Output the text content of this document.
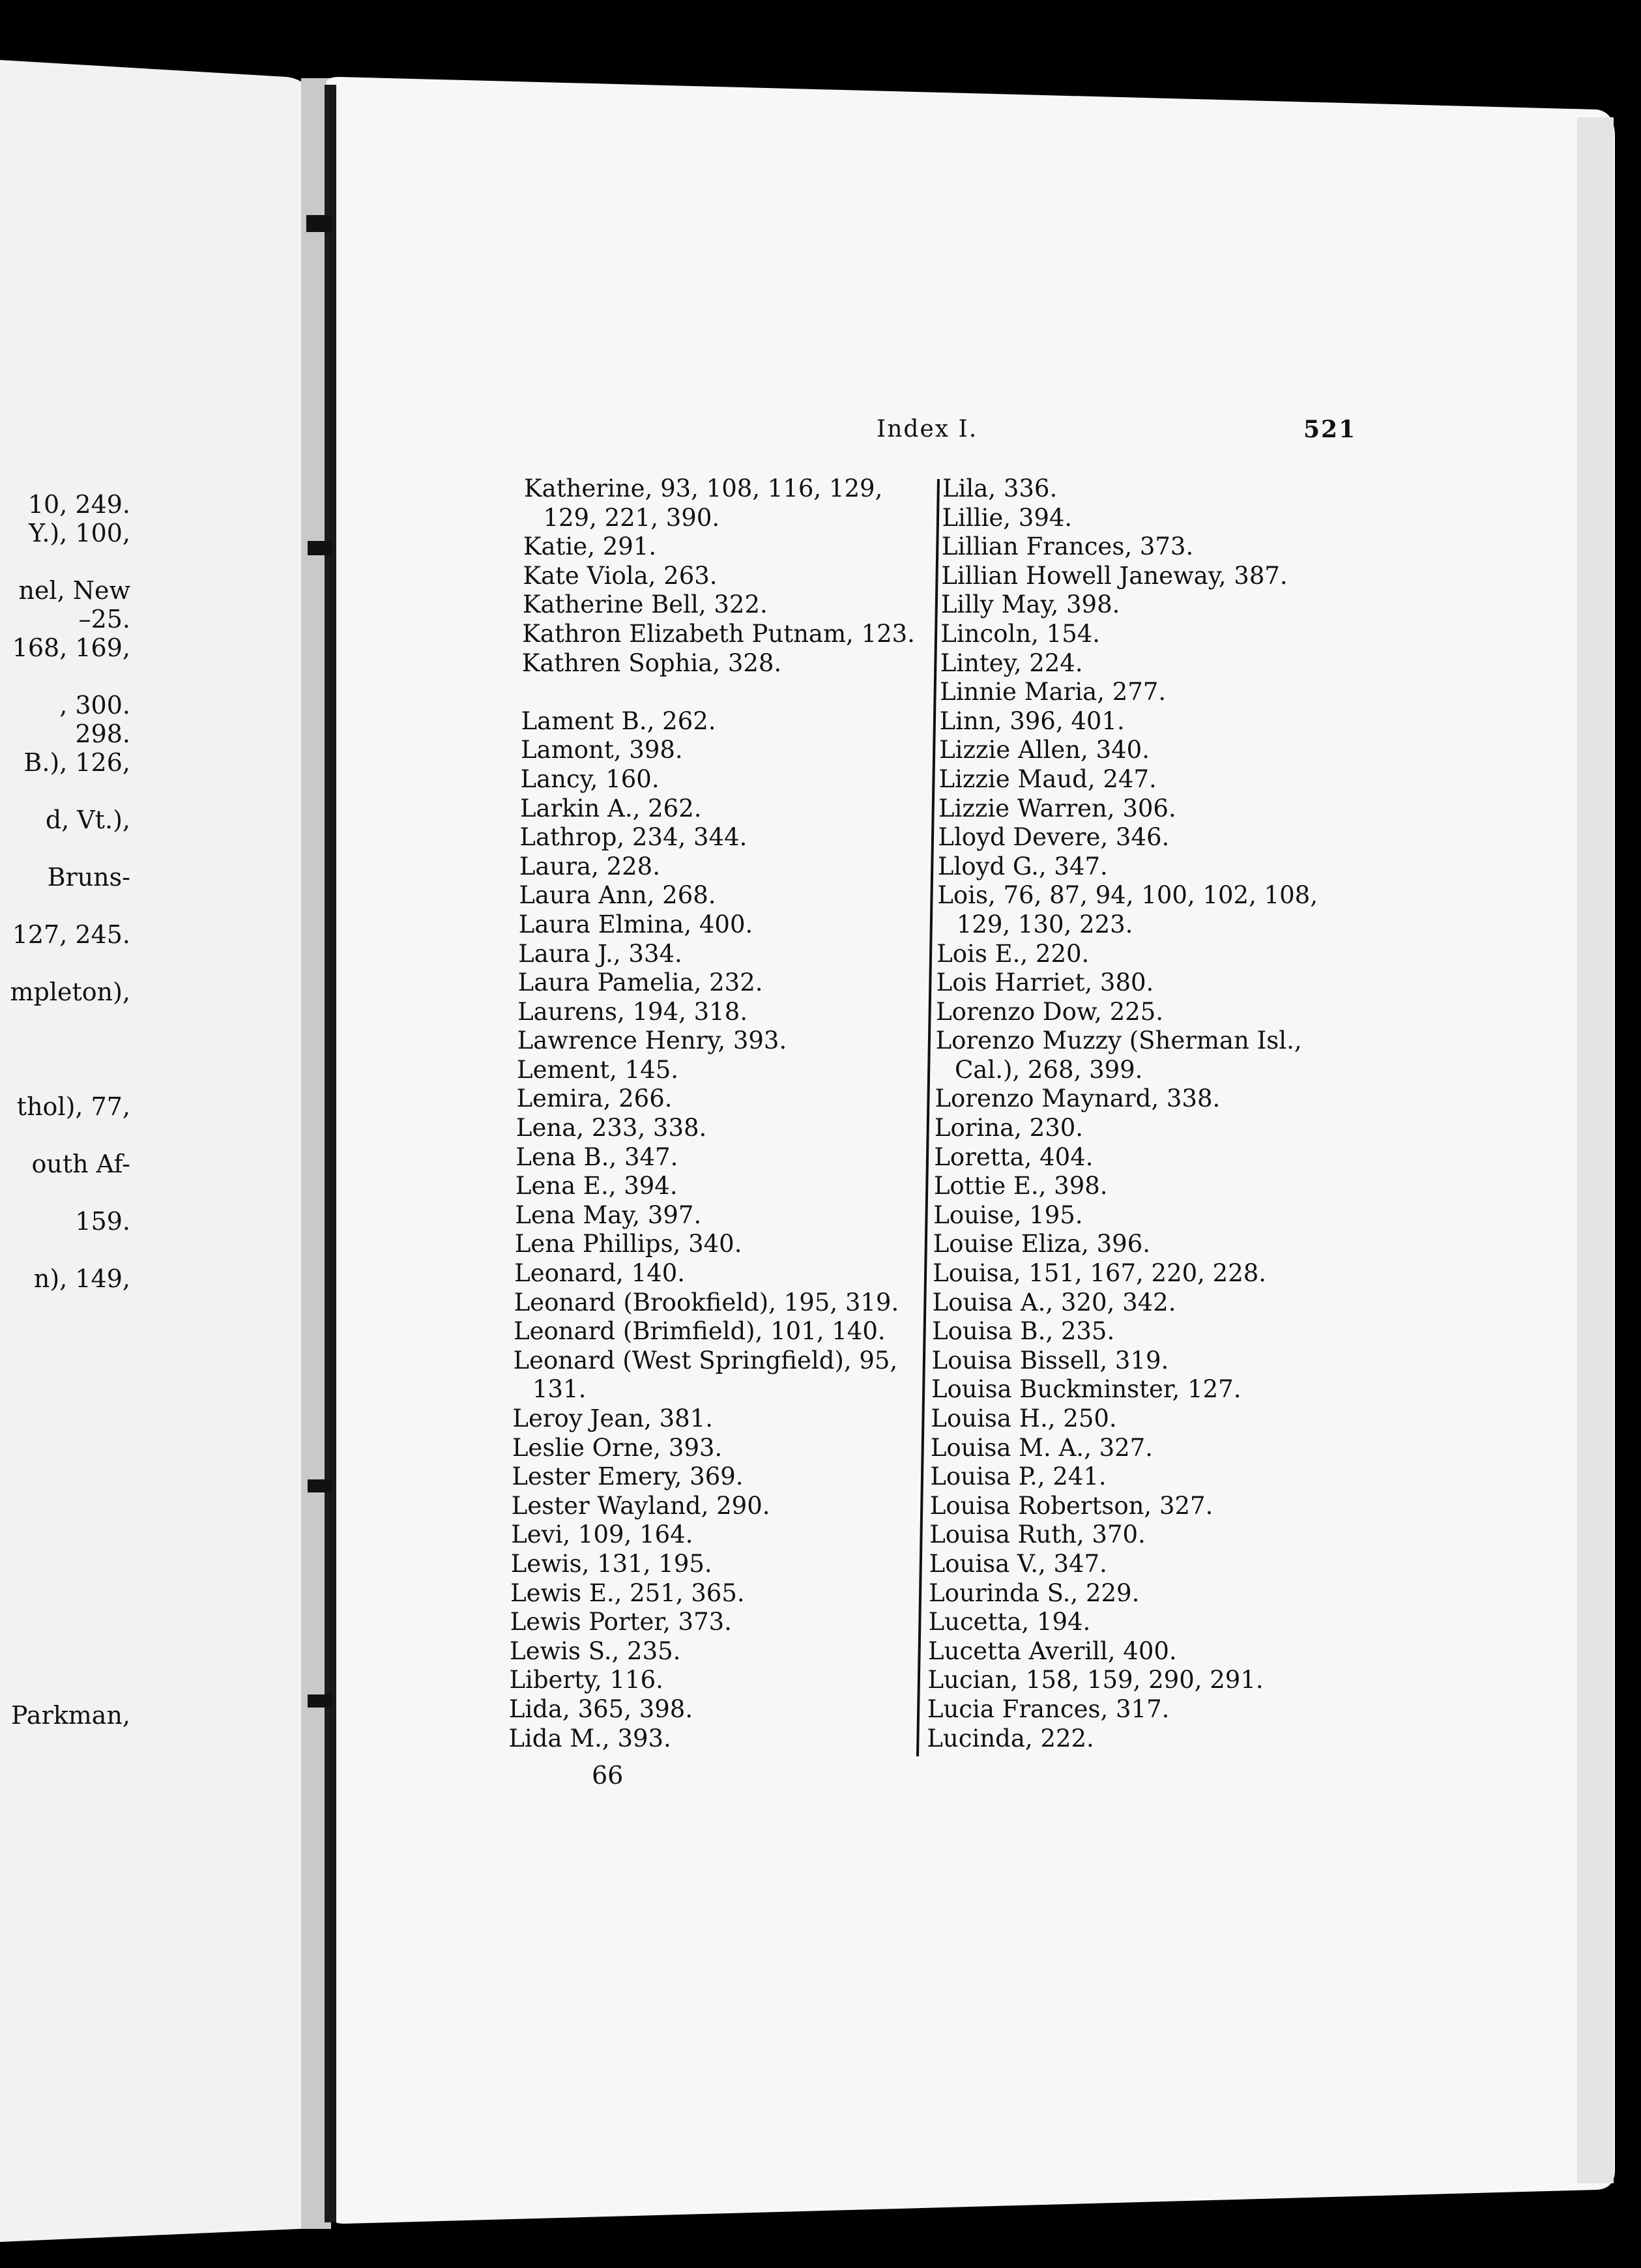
10, 249.
Y.), 100,
nel, New
–25.
168, 169,
, 300.
298.
B.), 126,
d, Vt.),
Bruns-
127, 245.
mpleton),
thol), 77,
outh Af-
159.
n), 149,
Parkman,
Index I.	521
Katherine, 93, 108, 116, 129,
129, 221, 390.
Katie, 291.
Kate Viola, 263.
Katherine Bell, 322.
Kathron Elizabeth Putnam, 123.
Kathren Sophia, 328.
Lament B., 262.
Lamont, 398.
Lancy, 160.
Larkin A., 262.
Lathrop, 234, 344.
Laura, 228.
Laura Ann, 268.
Laura Elmina, 400.
Laura J., 334.
Laura Pamelia, 232.
Laurens, 194, 318.
Lawrence Henry, 393.
Lement, 145.
Lemira, 266.
Lena, 233, 338.
Lena B., 347.
Lena E., 394.
Lena May, 397.
Lena Phillips, 340.
Leonard, 140.
Leonard (Brookfield), 195, 319.
Leonard (Brimfield), 101, 140.
Leonard (West Springfield), 95,
131.
Leroy Jean, 381.
Leslie Orne, 393.
Lester Emery, 369.
Lester Wayland, 290.
Levi, 109, 164.
Lewis, 131, 195.
Lewis E., 251, 365.
Lewis Porter, 373.
Lewis S., 235.
Liberty, 116.
Lida, 365, 398.
Lida M., 393.
Lila, 336.
Lillie, 394.
Lillian Frances, 373.
Lillian Howell Janeway, 387.
Lilly May, 398.
Lincoln, 154.
Lintey, 224.
Linnie Maria, 277.
Linn, 396, 401.
Lizzie Allen, 340.
Lizzie Maud, 247.
Lizzie Warren, 306.
Lloyd Devere, 346.
Lloyd G., 347.
Lois, 76, 87, 94, 100, 102, 108,
129, 130, 223.
Lois E., 220.
Lois Harriet, 380.
Lorenzo Dow, 225.
Lorenzo Muzzy (Sherman Isl.,
Cal.), 268, 399.
Lorenzo Maynard, 338.
Lorina, 230.
Loretta, 404.
Lottie E., 398.
Louise, 195.
Louise Eliza, 396.
Louisa, 151, 167, 220, 228.
Louisa A., 320, 342.
Louisa B., 235.
Louisa Bissell, 319.
Louisa Buckminster, 127.
Louisa H., 250.
Louisa M. A., 327.
Louisa P., 241.
Louisa Robertson, 327.
Louisa Ruth, 370.
Louisa V., 347.
Lourinda S., 229.
Lucetta, 194.
Lucetta Averill, 400.
Lucian, 158, 159, 290, 291.
Lucia Frances, 317.
Lucinda, 222.
66
